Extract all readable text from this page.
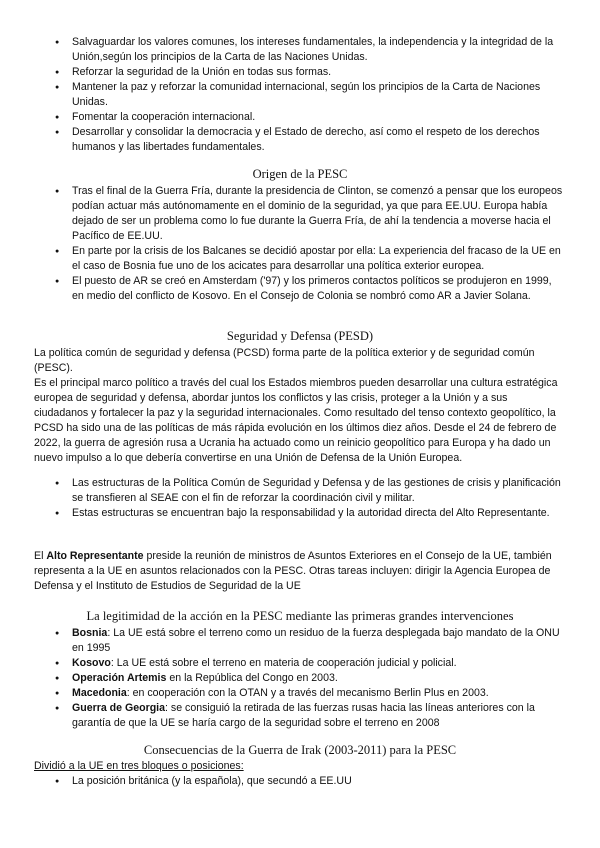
● Salvaguardar los valores comunes, los intereses fundamentales, la independencia y la integridad de la Unión,según los principios de la Carta de las Naciones Unidas.
● Reforzar la seguridad de la Unión en todas sus formas.
● Mantener la paz y reforzar la comunidad internacional, según los principios de la Carta de Naciones Unidas.
● Fomentar la cooperación internacional.
● Desarrollar y consolidar la democracia y el Estado de derecho, así como el respeto de los derechos humanos y las libertades fundamentales.
Origen de la PESC
● Tras el final de la Guerra Fría, durante la presidencia de Clinton, se comenzó a pensar que los europeos podían actuar más autónomamente en el dominio de la seguridad, ya que para EE.UU. Europa había dejado de ser un problema como lo fue durante la Guerra Fría, de ahí la tendencia a moverse hacia el Pacífico de EE.UU.
● En parte por la crisis de los Balcanes se decidió apostar por ella: La experiencia del fracaso de la UE en el caso de Bosnia fue uno de los acicates para desarrollar una política exterior europea.
● El puesto de AR se creó en Amsterdam ('97) y los primeros contactos políticos se produjeron en 1999, en medio del conflicto de Kosovo. En el Consejo de Colonia se nombró como AR a Javier Solana.
Seguridad y Defensa (PESD)
La política común de seguridad y defensa (PCSD) forma parte de la política exterior y de seguridad común (PESC).
Es el principal marco político a través del cual los Estados miembros pueden desarrollar una cultura estratégica europea de seguridad y defensa, abordar juntos los conflictos y las crisis, proteger a la Unión y a sus ciudadanos y fortalecer la paz y la seguridad internacionales. Como resultado del tenso contexto geopolítico, la PCSD ha sido una de las políticas de más rápida evolución en los últimos diez años. Desde el 24 de febrero de 2022, la guerra de agresión rusa a Ucrania ha actuado como un reinicio geopolítico para Europa y ha dado un nuevo impulso a lo que debería convertirse en una Unión de Defensa de la Unión Europea.
● Las estructuras de la Política Común de Seguridad y Defensa y de las gestiones de crisis y planificación se transfieren al SEAE con el fin de reforzar la coordinación civil y militar.
● Estas estructuras se encuentran bajo la responsabilidad y la autoridad directa del Alto Representante.
El Alto Representante preside la reunión de ministros de Asuntos Exteriores en el Consejo de la UE, también representa a la UE en asuntos relacionados con la PESC. Otras tareas incluyen: dirigir la Agencia Europea de Defensa y el Instituto de Estudios de Seguridad de la UE
La legitimidad de la acción en la PESC mediante las primeras grandes intervenciones
● Bosnia: La UE está sobre el terreno como un residuo de la fuerza desplegada bajo mandato de la ONU en 1995
● Kosovo: La UE está sobre el terreno en materia de cooperación judicial y policial.
● Operación Artemis en la República del Congo en 2003.
● Macedonia: en cooperación con la OTAN y a través del mecanismo Berlin Plus en 2003.
● Guerra de Georgia: se consiguió la retirada de las fuerzas rusas hacia las líneas anteriores con la garantía de que la UE se haría cargo de la seguridad sobre el terreno en 2008
Consecuencias de la Guerra de Irak (2003-2011) para la PESC
Dividió a la UE en tres bloques o posiciones:
● La posición británica (y la española), que secundó a EE.UU
